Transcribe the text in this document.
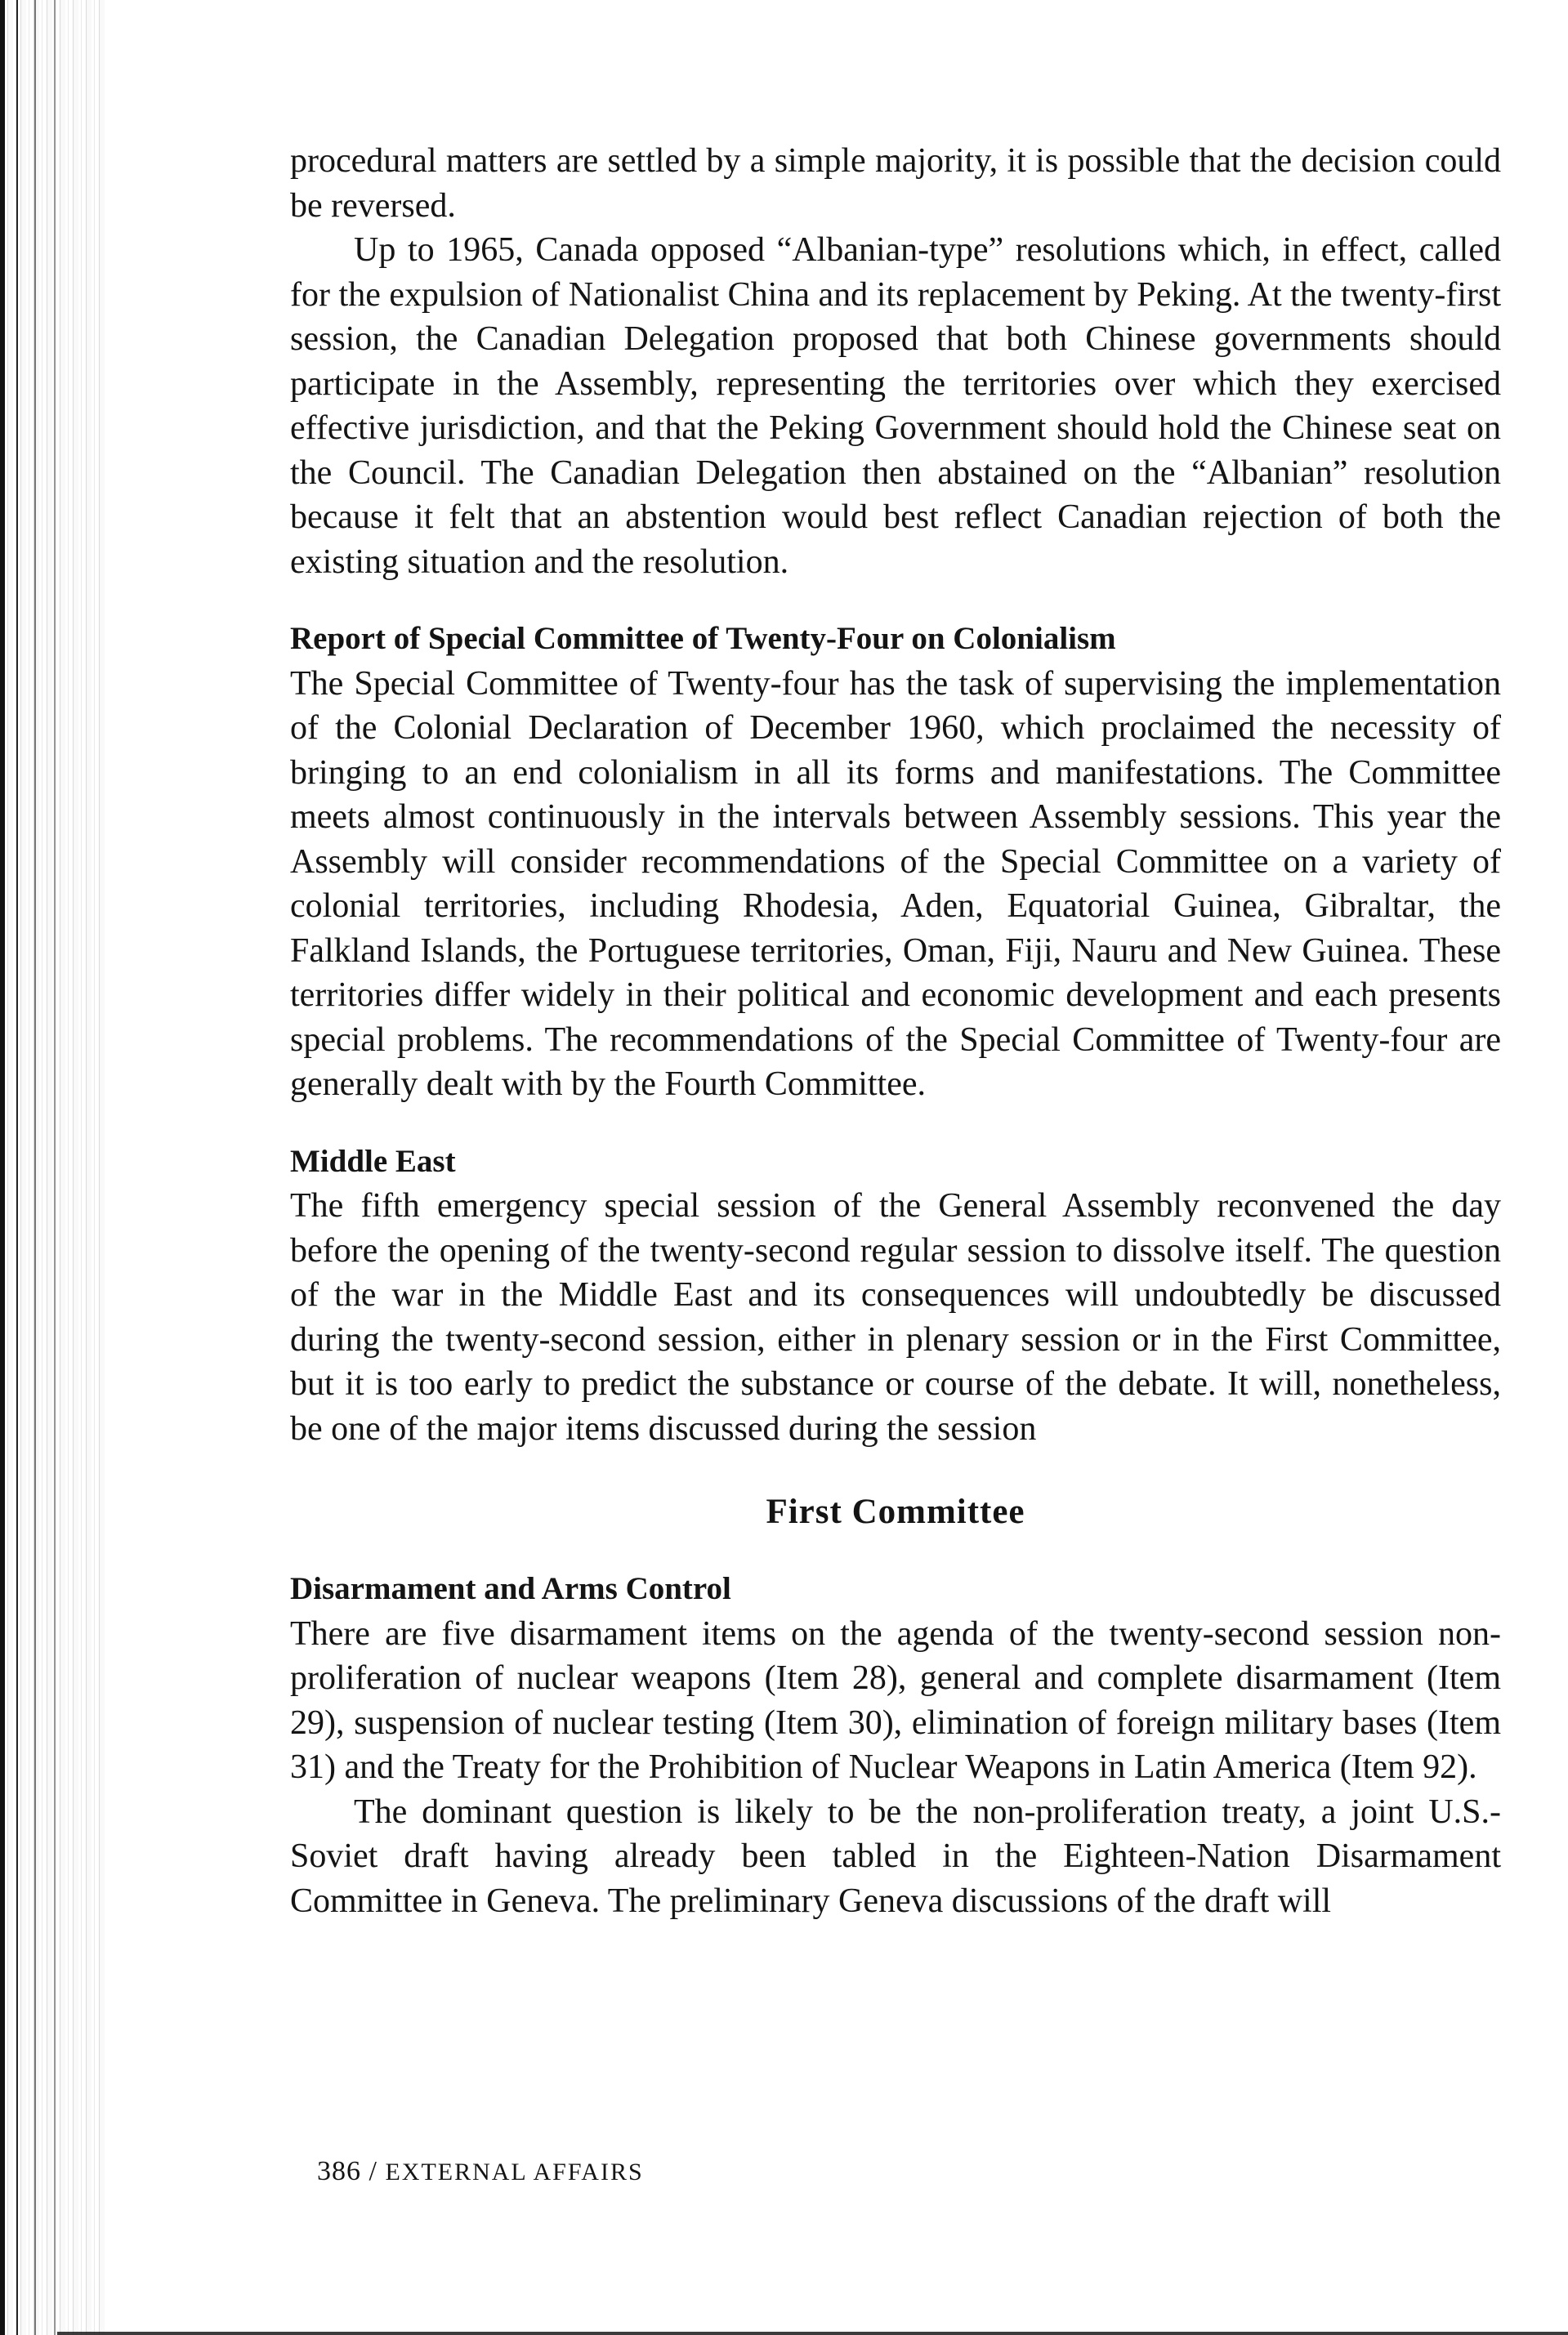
procedural matters are settled by a simple majority, it is possible that the decision could be reversed.

Up to 1965, Canada opposed “Albanian-type” resolutions which, in effect, called for the expulsion of Nationalist China and its replacement by Peking. At the twenty-first session, the Canadian Delegation proposed that both Chinese governments should participate in the Assembly, representing the territories over which they exercised effective jurisdiction, and that the Peking Government should hold the Chinese seat on the Council. The Canadian Delegation then abstained on the “Albanian” resolution because it felt that an abstention would best reflect Canadian rejection of both the existing situation and the resolution.

Report of Special Committee of Twenty-Four on Colonialism

The Special Committee of Twenty-four has the task of supervising the implementation of the Colonial Declaration of December 1960, which proclaimed the necessity of bringing to an end colonialism in all its forms and manifestations. The Committee meets almost continuously in the intervals between Assembly sessions. This year the Assembly will consider recommendations of the Special Committee on a variety of colonial territories, including Rhodesia, Aden, Equatorial Guinea, Gibraltar, the Falkland Islands, the Portuguese territories, Oman, Fiji, Nauru and New Guinea. These territories differ widely in their political and economic development and each presents special problems. The recommendations of the Special Committee of Twenty-four are generally dealt with by the Fourth Committee.

Middle East

The fifth emergency special session of the General Assembly reconvened the day before the opening of the twenty-second regular session to dissolve itself. The question of the war in the Middle East and its consequences will undoubtedly be discussed during the twenty-second session, either in plenary session or in the First Committee, but it is too early to predict the substance or course of the debate. It will, nonetheless, be one of the major items discussed during the session

First Committee
Disarmament and Arms Control

There are five disarmament items on the agenda of the twenty-second session non-proliferation of nuclear weapons (Item 28), general and complete disarmament (Item 29), suspension of nuclear testing (Item 30), elimination of foreign military bases (Item 31) and the Treaty for the Prohibition of Nuclear Weapons in Latin America (Item 92).

The dominant question is likely to be the non-proliferation treaty, a joint U.S.-Soviet draft having already been tabled in the Eighteen-Nation Disarmament Committee in Geneva. The preliminary Geneva discussions of the draft will

386 / EXTERNAL AFFAIRS
